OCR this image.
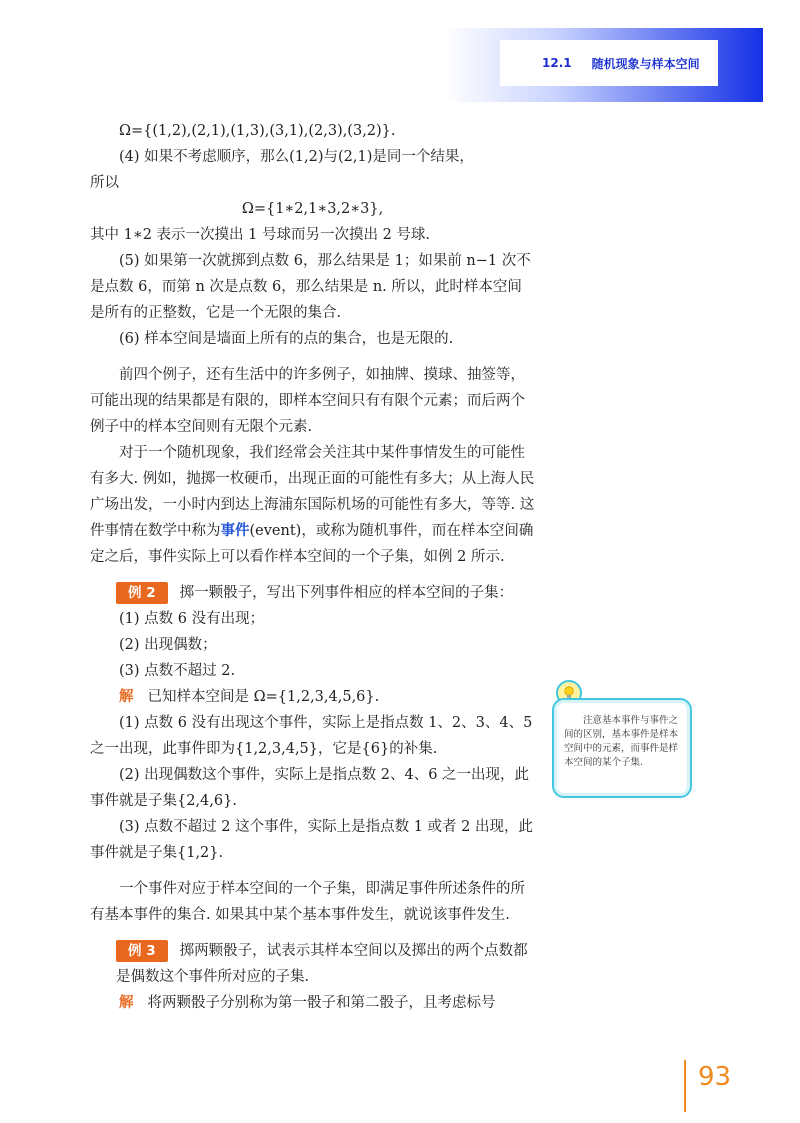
12.1 随机现象与样本空间

Ω={(1,2),(2,1),(1,3),(3,1),(2,3),(3,2)}.

(4) 如果不考虑顺序，那么(1,2)与(2,1)是同一个结果，

所以

Ω={1∗2,1∗3,2∗3},

其中 1∗2 表示一次摸出 1 号球而另一次摸出 2 号球.

(5) 如果第一次就掷到点数 6，那么结果是 1；如果前 n−1 次不是点数 6，而第 n 次是点数 6，那么结果是 n. 所以，此时样本空间是所有的正整数，它是一个无限的集合.

(6) 样本空间是墙面上所有的点的集合，也是无限的.

前四个例子，还有生活中的许多例子，如抽牌、摸球、抽签等，可能出现的结果都是有限的，即样本空间只有有限个元素；而后两个例子中的样本空间则有无限个元素.

对于一个随机现象，我们经常会关注其中某件事情发生的可能性有多大. 例如，抛掷一枚硬币，出现正面的可能性有多大；从上海人民广场出发，一小时内到达上海浦东国际机场的可能性有多大，等等. 这件事情在数学中称为事件(event)，或称为随机事件，而在样本空间确定之后，事件实际上可以看作样本空间的一个子集，如例 2 所示.

例 2 掷一颗骰子，写出下列事件相应的样本空间的子集：

(1) 点数 6 没有出现；

(2) 出现偶数；

(3) 点数不超过 2.

解 已知样本空间是 Ω={1,2,3,4,5,6}.

(1) 点数 6 没有出现这个事件，实际上是指点数 1、2、3、4、5 之一出现，此事件即为{1,2,3,4,5}，它是{6}的补集.

(2) 出现偶数这个事件，实际上是指点数 2、4、6 之一出现，此事件就是子集{2,4,6}.

(3) 点数不超过 2 这个事件，实际上是指点数 1 或者 2 出现，此事件就是子集{1,2}.

一个事件对应于样本空间的一个子集，即满足事件所述条件的所有基本事件的集合. 如果其中某个基本事件发生，就说该事件发生.

例 3 掷两颗骰子，试表示其样本空间以及掷出的两个点数都是偶数这个事件所对应的子集.

解 将两颗骰子分别称为第一骰子和第二骰子，且考虑标号

注意基本事件与事件之间的区别，基本事件是样本空间中的元素，而事件是样本空间的某个子集.
93
